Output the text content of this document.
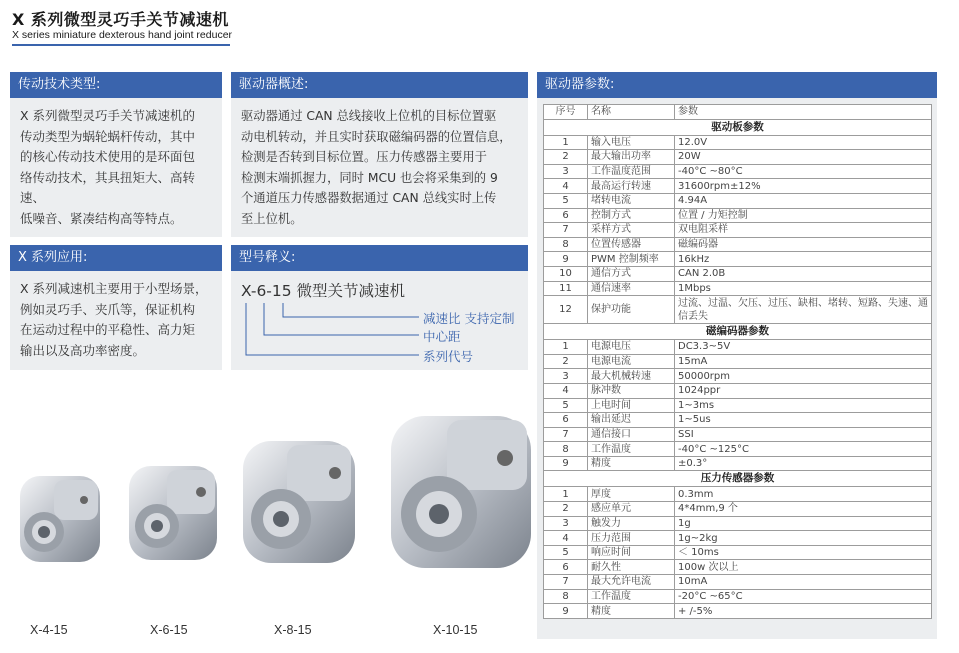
X 系列微型灵巧手关节减速机
X series miniature dexterous hand joint reducer
传动技术类型:
X 系列微型灵巧手关节减速机的
传动类型为蜗轮蜗杆传动，其中
的核心传动技术使用的是环面包
络传动技术，其具扭矩大、高转速、
低噪音、紧凑结构高等特点。
驱动器概述:
驱动器通过 CAN 总线接收上位机的目标位置驱
动电机转动，并且实时获取磁编码器的位置信息，
检测是否转到目标位置。压力传感器主要用于
检测末端抓握力，同时 MCU 也会将采集到的 9
个通道压力传感器数据通过 CAN 总线实时上传
至上位机。
X 系列应用:
X 系列减速机主要用于小型场景，
例如灵巧手、夹爪等，保证机构
在运动过程中的平稳性、高力矩
输出以及高功率密度。
型号释义:
X-6-15 微型关节减速机
减速比 支持定制
中心距
系列代号
驱动器参数:
序号	名称	参数
驱动板参数		
1	输入电压	12.0V
2	最大输出功率	20W
3	工作温度范围	-40°C ~80°C
4	最高运行转速	31600rpm±12%
5	堵转电流	4.94A
6	控制方式	位置 / 力矩控制
7	采样方式	双电阻采样
8	位置传感器	磁编码器
9	PWM 控制频率	16kHz
10	通信方式	CAN 2.0B
11	通信速率	1Mbps
12	保护功能	过流、过温、欠压、过压、缺相、堵转、短路、失速、通信丢失
磁编码器参数		
1	电源电压	DC3.3~5V
2	电源电流	15mA
3	最大机械转速	50000rpm
4	脉冲数	1024ppr
5	上电时间	1~3ms
6	输出延迟	1~5us
7	通信接口	SSI
8	工作温度	-40°C ~125°C
9	精度	±0.3°
压力传感器参数		
1	厚度	0.3mm
2	感应单元	4*4mm,9 个
3	触发力	1g
4	压力范围	1g~2kg
5	响应时间	＜ 10ms
6	耐久性	100w 次以上
7	最大允许电流	10mA
8	工作温度	-20°C ~65°C
9	精度	+ /-5%
X-4-15	X-6-15	X-8-15	X-10-15
